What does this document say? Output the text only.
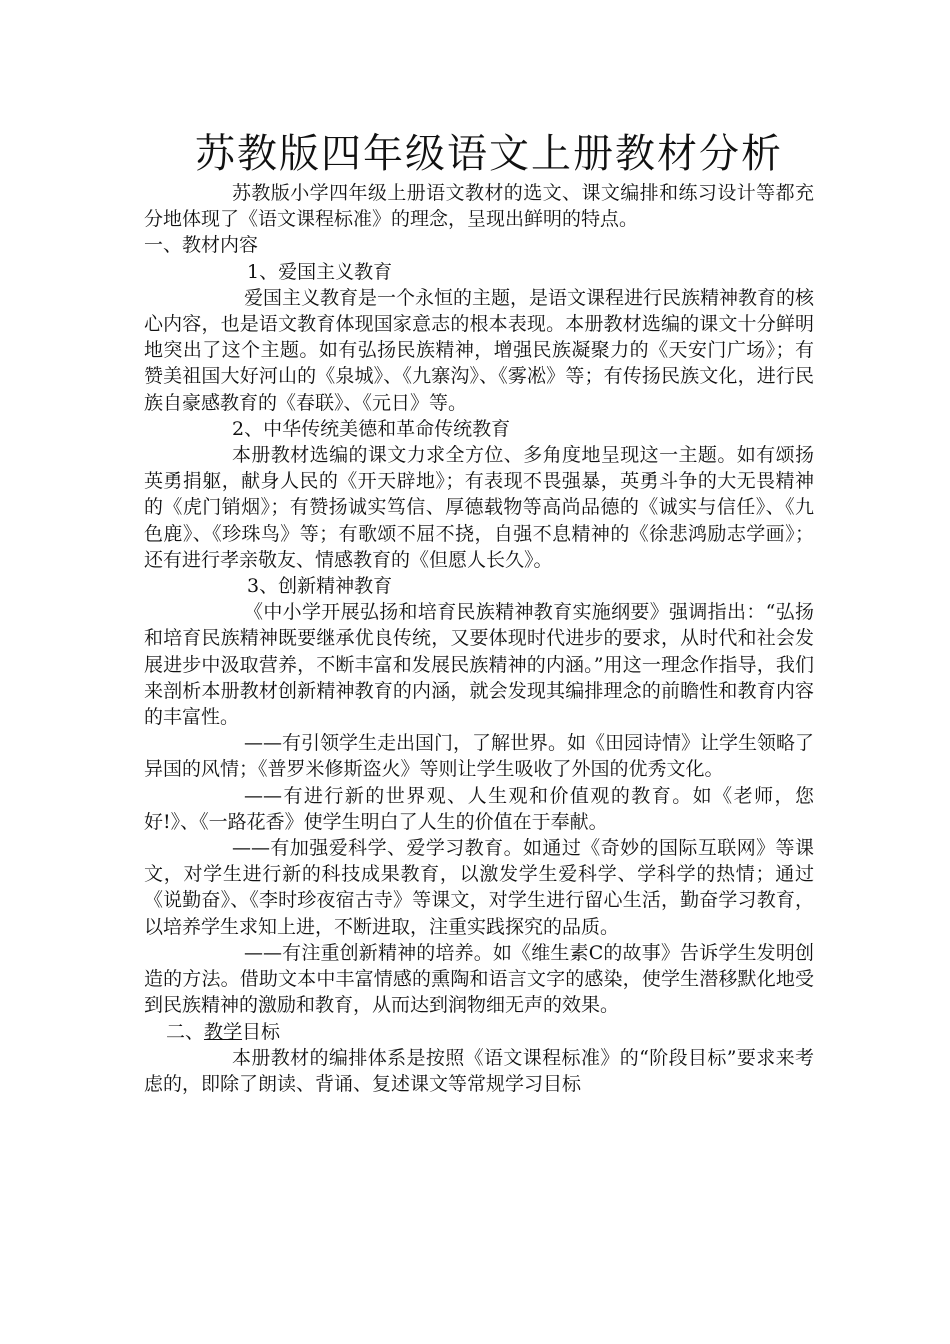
苏教版四年级语文上册教材分析

苏教版小学四年级上册语文教材的选文、课文编排和练习设计等都充分地体现了《语文课程标准》的理念，呈现出鲜明的特点。

一、教材内容

1、爱国主义教育

爱国主义教育是一个永恒的主题，是语文课程进行民族精神教育的核心内容，也是语文教育体现国家意志的根本表现。本册教材选编的课文十分鲜明地突出了这个主题。如有弘扬民族精神，增强民族凝聚力的《天安门广场》；有赞美祖国大好河山的《泉城》、《九寨沟》、《雾凇》等；有传扬民族文化，进行民族自豪感教育的《春联》、《元日》等。

2、中华传统美德和革命传统教育

本册教材选编的课文力求全方位、多角度地呈现这一主题。如有颂扬英勇捐躯，献身人民的《开天辟地》；有表现不畏强暴，英勇斗争的大无畏精神的《虎门销烟》；有赞扬诚实笃信、厚德载物等高尚品德的《诚实与信任》、《九色鹿》、《珍珠鸟》等；有歌颂不屈不挠，自强不息精神的《徐悲鸿励志学画》；还有进行孝亲敬友、情感教育的《但愿人长久》。

3、创新精神教育

《中小学开展弘扬和培育民族精神教育实施纲要》强调指出：“弘扬和培育民族精神既要继承优良传统，又要体现时代进步的要求，从时代和社会发展进步中汲取营养，不断丰富和发展民族精神的内涵。”用这一理念作指导，我们来剖析本册教材创新精神教育的内涵，就会发现其编排理念的前瞻性和教育内容的丰富性。

——有引领学生走出国门，了解世界。如《田园诗情》让学生领略了异国的风情；《普罗米修斯盗火》等则让学生吸收了外国的优秀文化。

——有进行新的世界观、人生观和价值观的教育。如《老师，您好!》、《一路花香》使学生明白了人生的价值在于奉献。

——有加强爱科学、爱学习教育。如通过《奇妙的国际互联网》等课文，对学生进行新的科技成果教育，以激发学生爱科学、学科学的热情；通过《说勤奋》、《李时珍夜宿古寺》等课文，对学生进行留心生活，勤奋学习教育，以培养学生求知上进，不断进取，注重实践探究的品质。

——有注重创新精神的培养。如《维生素C的故事》告诉学生发明创造的方法。借助文本中丰富情感的熏陶和语言文字的感染，使学生潜移默化地受到民族精神的激励和教育，从而达到润物细无声的效果。

二、教学目标

本册教材的编排体系是按照《语文课程标准》的“阶段目标”要求来考虑的，即除了朗读、背诵、复述课文等常规学习目标
